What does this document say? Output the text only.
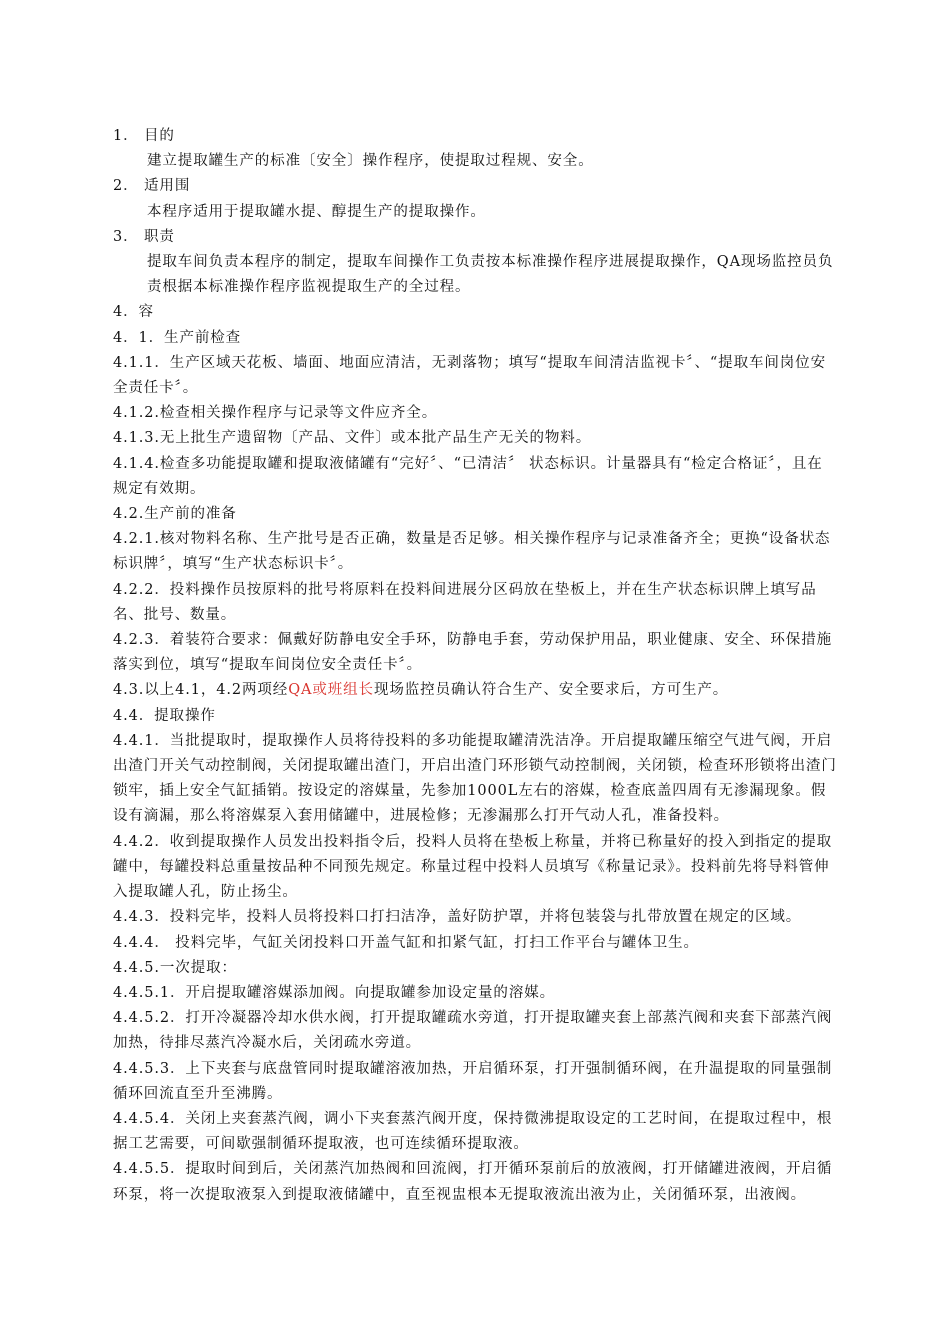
1． 目的

建立提取罐生产的标准〔安全〕操作程序，使提取过程规、安全。

2． 适用围

本程序适用于提取罐水提、醇提生产的提取操作。

3． 职责

提取车间负责本程序的制定，提取车间操作工负责按本标准操作程序进展提取操作，QA现场监控员负责根据本标准操作程序监视提取生产的全过程。

4．容

4．1．生产前检查

4.1.1．生产区域天花板、墙面、地面应清洁，无剥落物；填写“提取车间清洁监视卡〞、“提取车间岗位安全责任卡〞。

4.1.2.检查相关操作程序与记录等文件应齐全。

4.1.3.无上批生产遗留物〔产品、文件〕或本批产品生产无关的物料。

4.1.4.检查多功能提取罐和提取液储罐有“完好〞、“已清洁〞 状态标识。计量器具有“检定合格证〞，且在规定有效期。

4.2.生产前的准备

4.2.1.核对物料名称、生产批号是否正确，数量是否足够。相关操作程序与记录准备齐全；更换“设备状态标识牌〞，填写“生产状态标识卡〞。

4.2.2．投料操作员按原料的批号将原料在投料间进展分区码放在垫板上，并在生产状态标识牌上填写品名、批号、数量。

4.2.3．着装符合要求：佩戴好防静电安全手环，防静电手套，劳动保护用品，职业健康、安全、环保措施落实到位，填写“提取车间岗位安全责任卡〞。

4.3.以上4.1，4.2两项经QA或班组长现场监控员确认符合生产、安全要求后，方可生产。

4.4．提取操作

4.4.1．当批提取时，提取操作人员将待投料的多功能提取罐清洗洁净。开启提取罐压缩空气进气阀，开启出渣门开关气动控制阀，关闭提取罐出渣门，开启出渣门环形锁气动控制阀，关闭锁，检查环形锁将出渣门锁牢，插上安全气缸插销。按设定的溶媒量，先参加1000L左右的溶媒，检查底盖四周有无渗漏现象。假设有滴漏，那么将溶媒泵入套用储罐中，进展检修；无渗漏那么打开气动人孔，准备投料。

4.4.2．收到提取操作人员发出投料指令后，投料人员将在垫板上称量，并将已称量好的投入到指定的提取罐中，每罐投料总重量按品种不同预先规定。称量过程中投料人员填写《称量记录》。投料前先将导料管伸入提取罐人孔，防止扬尘。

4.4.3．投料完毕，投料人员将投料口打扫洁净，盖好防护罩，并将包装袋与扎带放置在规定的区域。

4.4.4． 投料完毕，气缸关闭投料口开盖气缸和扣紧气缸，打扫工作平台与罐体卫生。

4.4.5.一次提取：

4.4.5.1．开启提取罐溶媒添加阀。向提取罐参加设定量的溶媒。

4.4.5.2．打开冷凝器冷却水供水阀，打开提取罐疏水旁道，打开提取罐夹套上部蒸汽阀和夹套下部蒸汽阀加热，待排尽蒸汽冷凝水后，关闭疏水旁道。

4.4.5.3．上下夹套与底盘管同时提取罐溶液加热，开启循环泵，打开强制循环阀，在升温提取的同量强制循环回流直至升至沸腾。

4.4.5.4．关闭上夹套蒸汽阀，调小下夹套蒸汽阀开度，保持微沸提取设定的工艺时间，在提取过程中，根据工艺需要，可间歇强制循环提取液，也可连续循环提取液。

4.4.5.5．提取时间到后，关闭蒸汽加热阀和回流阀，打开循环泵前后的放液阀，打开储罐进液阀，开启循环泵，将一次提取液泵入到提取液储罐中，直至视盅根本无提取液流出液为止，关闭循环泵，出液阀。
